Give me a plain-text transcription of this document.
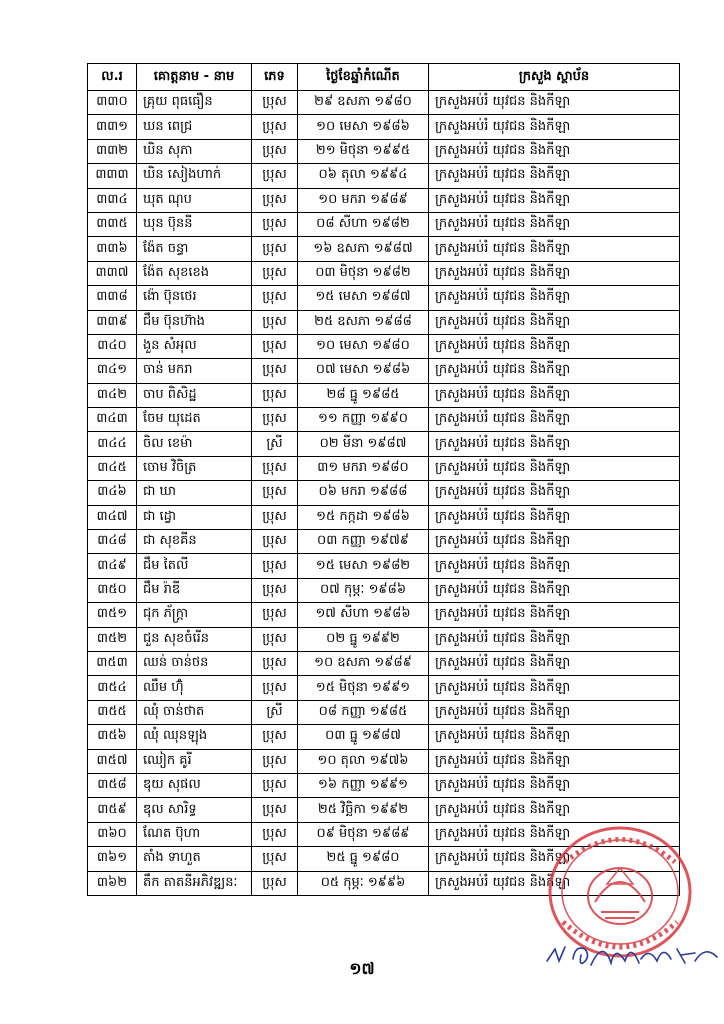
ល.រ	គោត្តនាម - នាម	ភេទ	ថ្ងៃខែឆ្នាំកំណើត	ក្រសួង ស្ថាប័ន
៣៣០	គ្រុយ ពុធធឿន	ប្រុស	២៩ ឧសភា ១៩៨០	ក្រសួងអប់រំ យុវជន និងកីឡា
៣៣១	ឃន ពេជ្រ	ប្រុស	១០ មេសា ១៩៨៦	ក្រសួងអប់រំ យុវជន និងកីឡា
៣៣២	ឃិន សុភា	ប្រុស	២១ មិថុនា ១៩៩៥	ក្រសួងអប់រំ យុវជន និងកីឡា
៣៣៣	ឃិន សៀងហាក់	ប្រុស	០៦ តុលា ១៩៩៤	ក្រសួងអប់រំ យុវជន និងកីឡា
៣៣៤	ឃុត ណុប	ប្រុស	១០ មករា ១៩៨៩	ក្រសួងអប់រំ យុវជន និងកីឡា
៣៣៥	ឃុន ប៊ុននី	ប្រុស	០៨ សីហា ១៩៨២	ក្រសួងអប់រំ យុវជន និងកីឡា
៣៣៦	ង៉ែត ចន្ធា	ប្រុស	១៦ ឧសភា ១៩៨៧	ក្រសួងអប់រំ យុវជន និងកីឡា
៣៣៧	ង៉ែត សុខខេង	ប្រុស	០៣ មិថុនា ១៩៨២	ក្រសួងអប់រំ យុវជន និងកីឡា
៣៣៨	ង៉ោ ប៊ុនថេរ	ប្រុស	១៥ មេសា ១៩៨៧	ក្រសួងអប់រំ យុវជន និងកីឡា
៣៣៩	ជឹម ប៊ុនហ៊ាង	ប្រុស	២៥ ឧសភា ១៩៨៨	ក្រសួងអប់រំ យុវជន និងកីឡា
៣៤០	ងួន សំអុល	ប្រុស	១០ មេសា ១៩៨០	ក្រសួងអប់រំ យុវជន និងកីឡា
៣៤១	ចាន់ មករា	ប្រុស	០៧ មេសា ១៩៨៦	ក្រសួងអប់រំ យុវជន និងកីឡា
៣៤២	ចាប ពិសិដ្ឋ	ប្រុស	២៨ ធ្នូ ១៩៨៥	ក្រសួងអប់រំ យុវជន និងកីឡា
៣៤៣	ចែម យុដេត	ប្រុស	១១ កញ្ញា ១៩៩០	ក្រសួងអប់រំ យុវជន និងកីឡា
៣៤៤	ចិល ខេម៉ា	ស្រី	០២ មីនា ១៩៨៧	ក្រសួងអប់រំ យុវជន និងកីឡា
៣៤៥	ចោម វិចិត្រ	ប្រុស	៣១ មករា ១៩៨០	ក្រសួងអប់រំ យុវជន និងកីឡា
៣៤៦	ជា ឃា	ប្រុស	០៦ មករា ១៩៨៨	ក្រសួងអប់រំ យុវជន និងកីឡា
៣៤៧	ជា ដ្វោ	ប្រុស	១៥ កក្កដា ១៩៨៦	ក្រសួងអប់រំ យុវជន និងកីឡា
៣៤៨	ជា សុខគីន	ប្រុស	០៣ កញ្ញា ១៩៧៩	ក្រសួងអប់រំ យុវជន និងកីឡា
៣៤៩	ជឹម តៃលី	ប្រុស	១៥ មេសា ១៩៨២	ក្រសួងអប់រំ យុវជន និងកីឡា
៣៥០	ជឹម រ៉ាឌី	ប្រុស	០៧ កុម្ភៈ ១៩៨៦	ក្រសួងអប់រំ យុវជន និងកីឡា
៣៥១	ជុក ភ័ក្រ្តា	ប្រុស	១៧ សីហា ១៩៨៦	ក្រសួងអប់រំ យុវជន និងកីឡា
៣៥២	ជួន សុខចំរើន	ប្រុស	០២ ធ្នូ ១៩៩២	ក្រសួងអប់រំ យុវជន និងកីឡា
៣៥៣	ឈន់ ចាន់ថន	ប្រុស	១០ ឧសភា ១៩៨៩	ក្រសួងអប់រំ យុវជន និងកីឡា
៣៥៤	ឈឹម ហ៊ុំ	ប្រុស	១៥ មិថុនា ១៩៩១	ក្រសួងអប់រំ យុវជន និងកីឡា
៣៥៥	ឈុំ ចាន់ថាត	ស្រី	០៨ កញ្ញា ១៩៨៥	ក្រសួងអប់រំ យុវជន និងកីឡា
៣៥៦	ឈុំ ឈុនឡុង	ប្រុស	០៣ ធ្នូ ១៩៨៧	ក្រសួងអប់រំ យុវជន និងកីឡា
៣៥៧	ឈៀក គូរី	ប្រុស	១០ តុលា ១៩៧៦	ក្រសួងអប់រំ យុវជន និងកីឡា
៣៥៨	ឌុយ សុផល	ប្រុស	១៦ កញ្ញា ១៩៩១	ក្រសួងអប់រំ យុវជន និងកីឡា
៣៥៩	ឌុល សារិទ្ធ	ប្រុស	២៥ វិច្ឆិកា ១៩៩២	ក្រសួងអប់រំ យុវជន និងកីឡា
៣៦០	ណែត ប៊ុហា	ប្រុស	០៩ មិថុនា ១៩៨៩	ក្រសួងអប់រំ យុវជន និងកីឡា
៣៦១	តាំង ទាហួត	ប្រុស	២៥ ធ្នូ ១៩៨០	ក្រសួងអប់រំ យុវជន និងកីឡា
៣៦២	តឹក តាតនីអភិវឌ្ឍនៈ	ប្រុស	០៥ កុម្ភៈ ១៩៩៦	ក្រសួងអប់រំ យុវជន និងកីឡា
១៧
